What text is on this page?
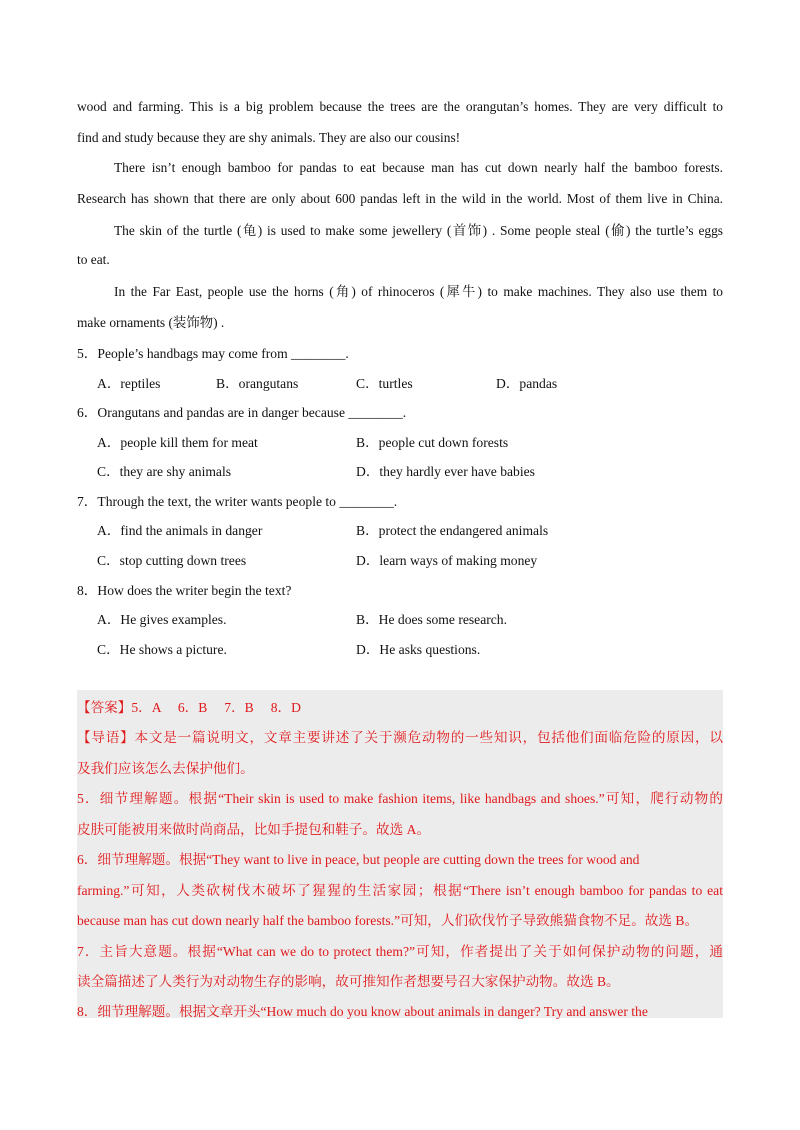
wood and farming. This is a big problem because the trees are the orangutan’s homes. They are very difficult to
find and study because they are shy animals. They are also our cousins!
There isn’t enough bamboo for pandas to eat because man has cut down nearly half the bamboo forests.
Research has shown that there are only about 600 pandas left in the wild in the world. Most of them live in China.
The skin of the turtle (龟) is used to make some jewellery (首饰) . Some people steal (偷) the turtle’s eggs
to eat.
In the Far East, people use the horns (角) of rhinoceros (犀牛) to make machines. They also use them to
make ornaments (装饰物) .
5．People’s handbags may come from ________.
A．reptiles	B．orangutans	C．turtles	D．pandas
6．Orangutans and pandas are in danger because ________.
A．people kill them for meat	B．people cut down forests
C．they are shy animals	D．they hardly ever have babies
7．Through the text, the writer wants people to ________.
A．find the animals in danger	B．protect the endangered animals
C．stop cutting down trees	D．learn ways of making money
8．How does the writer begin the text?
A．He gives examples.	B．He does some research.
C．He shows a picture.	D．He asks questions.
【答案】5．A　 6．B　 7．B　 8．D
【导语】本文是一篇说明文，文章主要讲述了关于濒危动物的一些知识，包括他们面临危险的原因，以
及我们应该怎么去保护他们。
5．细节理解题。根据“Their skin is used to make fashion items, like handbags and shoes.”可知，爬行动物的
皮肤可能被用来做时尚商品，比如手提包和鞋子。故选 A。
6．细节理解题。根据“They want to live in peace, but people are cutting down the trees for wood and
farming.”可知，人类砍树伐木破坏了猩猩的生活家园；根据“There isn’t enough bamboo for pandas to eat
because man has cut down nearly half the bamboo forests.”可知，人们砍伐竹子导致熊猫食物不足。故选 B。
7．主旨大意题。根据“What can we do to protect them?”可知，作者提出了关于如何保护动物的问题，通
读全篇描述了人类行为对动物生存的影响，故可推知作者想要号召大家保护动物。故选 B。
8．细节理解题。根据文章开头“How much do you know about animals in danger? Try and answer the
